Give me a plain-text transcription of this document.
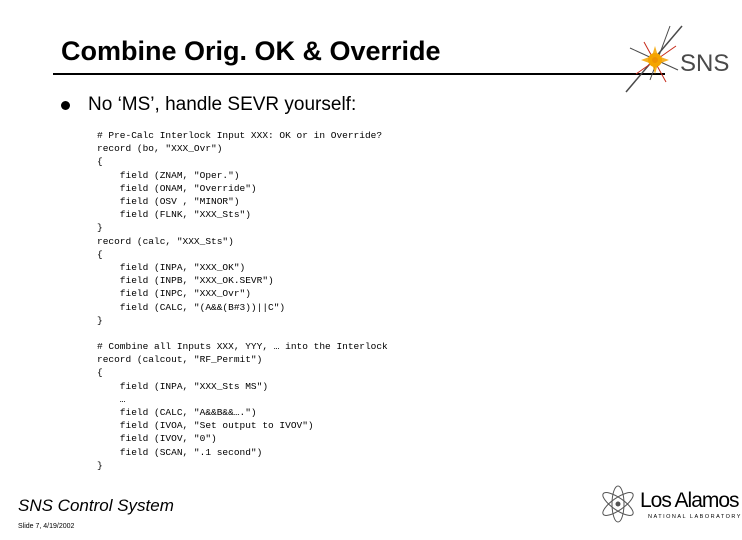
Combine Orig. OK & Override	SNS
No ‘MS’, handle SEVR yourself:
# Pre-Calc Interlock Input XXX: OK or in Override?
record (bo, "XXX_Ovr")
{
field (ZNAM, "Oper.")
field (ONAM, "Override")
field (OSV , "MINOR")
field (FLNK, "XXX_Sts")
}
record (calc, "XXX_Sts")
{
field (INPA, "XXX_OK")
field (INPB, "XXX_OK.SEVR")
field (INPC, "XXX_Ovr")
field (CALC, "(A&&(B#3))||C")
}
# Combine all Inputs XXX, YYY, … into the Interlock
record (calcout, "RF_Permit")
{
field (INPA, "XXX_Sts MS")
…
field (CALC, "A&&B&&….")
field (IVOA, "Set output to IVOV")
field (IVOV, "0")
field (SCAN, ".1 second")
}
SNS Control System
Slide 7, 4/19/2002
Los Alamos
NATIONAL LABORATORY
